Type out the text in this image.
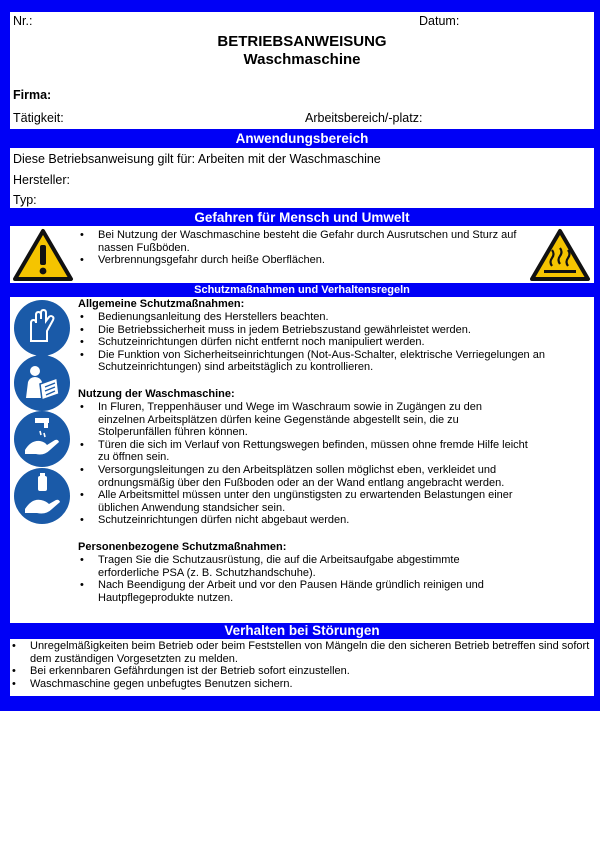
Nr.:	Datum:
BETRIEBSANWEISUNG
Waschmaschine
Firma:
Tätigkeit:	Arbeitsbereich/-platz:
Anwendungsbereich
Diese Betriebsanweisung gilt für: Arbeiten mit der Waschmaschine
Hersteller:
Typ:
Gefahren für Mensch und Umwelt
• Bei Nutzung der Waschmaschine besteht die Gefahr durch Ausrutschen und Sturz auf nassen Fußböden.
• Verbrennungsgefahr durch heiße Oberflächen.
Schutzmaßnahmen und Verhaltensregeln
Allgemeine Schutzmaßnahmen:
• Bedienungsanleitung des Herstellers beachten.
• Die Betriebssicherheit muss in jedem Betriebszustand gewährleistet werden.
• Schutzeinrichtungen dürfen nicht entfernt noch manipuliert werden.
• Die Funktion von Sicherheitseinrichtungen (Not-Aus-Schalter, elektrische Verriegelungen an Schutzeinrichtungen) sind arbeitstäglich zu kontrollieren.
Nutzung der Waschmaschine:
• In Fluren, Treppenhäuser und Wege im Waschraum sowie in Zugängen zu den einzelnen Arbeitsplätzen dürfen keine Gegenstände abgestellt sein, die zu Stolperunfällen führen können.
• Türen die sich im Verlauf von Rettungswegen befinden, müssen ohne fremde Hilfe leicht zu öffnen sein.
• Versorgungsleitungen zu den Arbeitsplätzen sollen möglichst eben, verkleidet und ordnungsmäßig über den Fußboden oder an der Wand entlang angebracht werden.
• Alle Arbeitsmittel müssen unter den ungünstigsten zu erwartenden Belastungen einer üblichen Anwendung standsicher sein.
• Schutzeinrichtungen dürfen nicht abgebaut werden.
Personenbezogene Schutzmaßnahmen:
• Tragen Sie die Schutzausrüstung, die auf die Arbeitsaufgabe abgestimmte erforderliche PSA (z. B. Schutzhandschuhe).
• Nach Beendigung der Arbeit und vor den Pausen Hände gründlich reinigen und Hautpflegeprodukte nutzen.
Verhalten bei Störungen
• Unregelmäßigkeiten beim Betrieb oder beim Feststellen von Mängeln die den sicheren Betrieb betreffen sind sofort dem zuständigen Vorgesetzten zu melden.
• Bei erkennbaren Gefährdungen ist der Betrieb sofort einzustellen.
• Waschmaschine gegen unbefugtes Benutzen sichern.
